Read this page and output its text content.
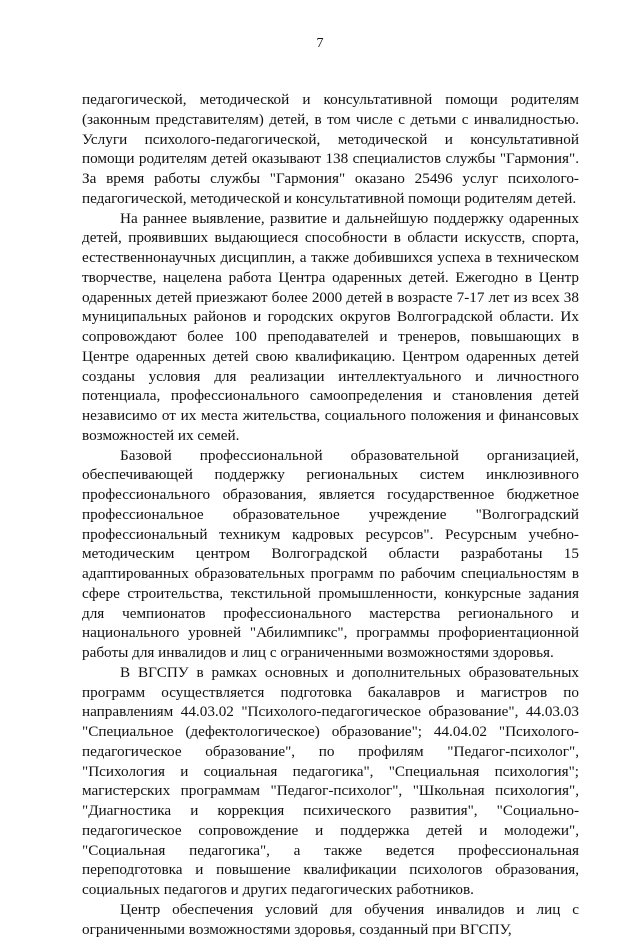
7

педагогической, методической и консультативной помощи родителям (законным представителям) детей, в том числе с детьми с инвалидностью. Услуги психолого-педагогической, методической и консультативной помощи родителям детей оказывают 138 специалистов службы "Гармония". За время работы службы "Гармония" оказано 25496 услуг психолого-педагогической, методической и консультативной помощи родителям детей.

На раннее выявление, развитие и дальнейшую поддержку одаренных детей, проявивших выдающиеся способности в области искусств, спорта, естественнонаучных дисциплин, а также добившихся успеха в техническом творчестве, нацелена работа Центра одаренных детей. Ежегодно в Центр одаренных детей приезжают более 2000 детей в возрасте 7-17 лет из всех 38 муниципальных районов и городских округов Волгоградской области. Их сопровождают более 100 преподавателей и тренеров, повышающих в Центре одаренных детей свою квалификацию. Центром одаренных детей созданы условия для реализации интеллектуального и личностного потенциала, профессионального самоопределения и становления детей независимо от их места жительства, социального положения и финансовых возможностей их семей.

Базовой профессиональной образовательной организацией, обеспечивающей поддержку региональных систем инклюзивного профессионального образования, является государственное бюджетное профессиональное образовательное учреждение "Волгоградский профессиональный техникум кадровых ресурсов". Ресурсным учебно-методическим центром Волгоградской области разработаны 15 адаптированных образовательных программ по рабочим специальностям в сфере строительства, текстильной промышленности, конкурсные задания для чемпионатов профессионального мастерства регионального и национального уровней "Абилимпикс", программы профориентационной работы для инвалидов и лиц с ограниченными возможностями здоровья.

В ВГСПУ в рамках основных и дополнительных образовательных программ осуществляется подготовка бакалавров и магистров по направлениям 44.03.02 "Психолого-педагогическое образование", 44.03.03 "Специальное (дефектологическое) образование"; 44.04.02 "Психолого-педагогическое образование", по профилям "Педагог-психолог", "Психология и социальная педагогика", "Специальная психология"; магистерских программам "Педагог-психолог", "Школьная психология", "Диагностика и коррекция психического развития", "Социально-педагогическое сопровождение и поддержка детей и молодежи", "Социальная педагогика", а также ведется профессиональная переподготовка и повышение квалификации психологов образования, социальных педагогов и других педагогических работников.

Центр обеспечения условий для обучения инвалидов и лиц с ограниченными возможностями здоровья, созданный при ВГСПУ,
